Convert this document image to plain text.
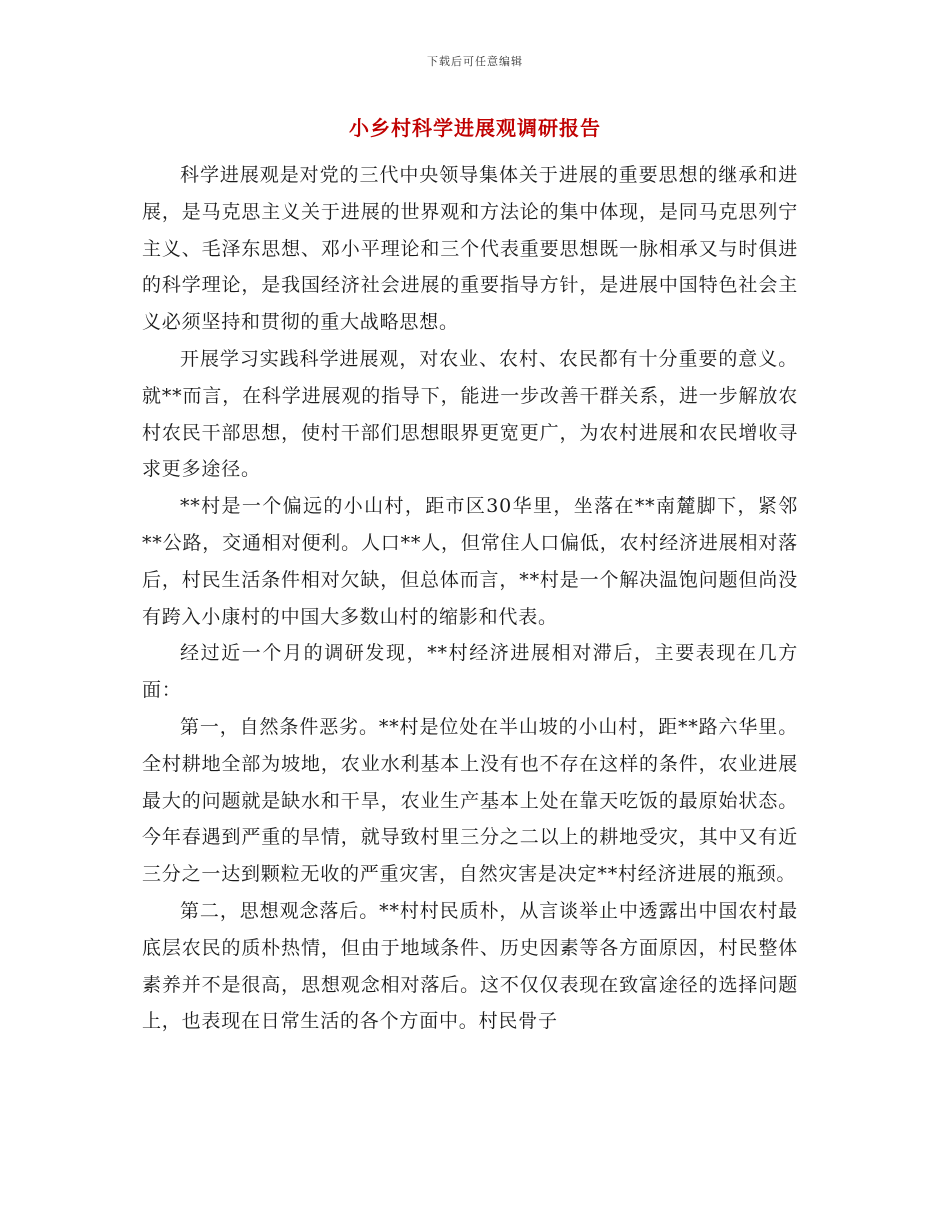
下载后可任意编辑
小乡村科学进展观调研报告

科学进展观是对党的三代中央领导集体关于进展的重要思想的继承和进展，是马克思主义关于进展的世界观和方法论的集中体现，是同马克思列宁主义、毛泽东思想、邓小平理论和三个代表重要思想既一脉相承又与时俱进的科学理论，是我国经济社会进展的重要指导方针，是进展中国特色社会主义必须坚持和贯彻的重大战略思想。

开展学习实践科学进展观，对农业、农村、农民都有十分重要的意义。就**而言，在科学进展观的指导下，能进一步改善干群关系，进一步解放农村农民干部思想，使村干部们思想眼界更宽更广，为农村进展和农民增收寻求更多途径。

**村是一个偏远的小山村，距市区30华里，坐落在**南麓脚下，紧邻**公路，交通相对便利。人口**人，但常住人口偏低，农村经济进展相对落后，村民生活条件相对欠缺，但总体而言，**村是一个解决温饱问题但尚没有跨入小康村的中国大多数山村的缩影和代表。

经过近一个月的调研发现，**村经济进展相对滞后，主要表现在几方面：

第一，自然条件恶劣。**村是位处在半山坡的小山村，距**路六华里。全村耕地全部为坡地，农业水利基本上没有也不存在这样的条件，农业进展最大的问题就是缺水和干旱，农业生产基本上处在靠天吃饭的最原始状态。今年春遇到严重的旱情，就导致村里三分之二以上的耕地受灾，其中又有近三分之一达到颗粒无收的严重灾害，自然灾害是决定**村经济进展的瓶颈。

第二，思想观念落后。**村村民质朴，从言谈举止中透露出中国农村最底层农民的质朴热情，但由于地域条件、历史因素等各方面原因，村民整体素养并不是很高，思想观念相对落后。这不仅仅表现在致富途径的选择问题上，也表现在日常生活的各个方面中。村民骨子
